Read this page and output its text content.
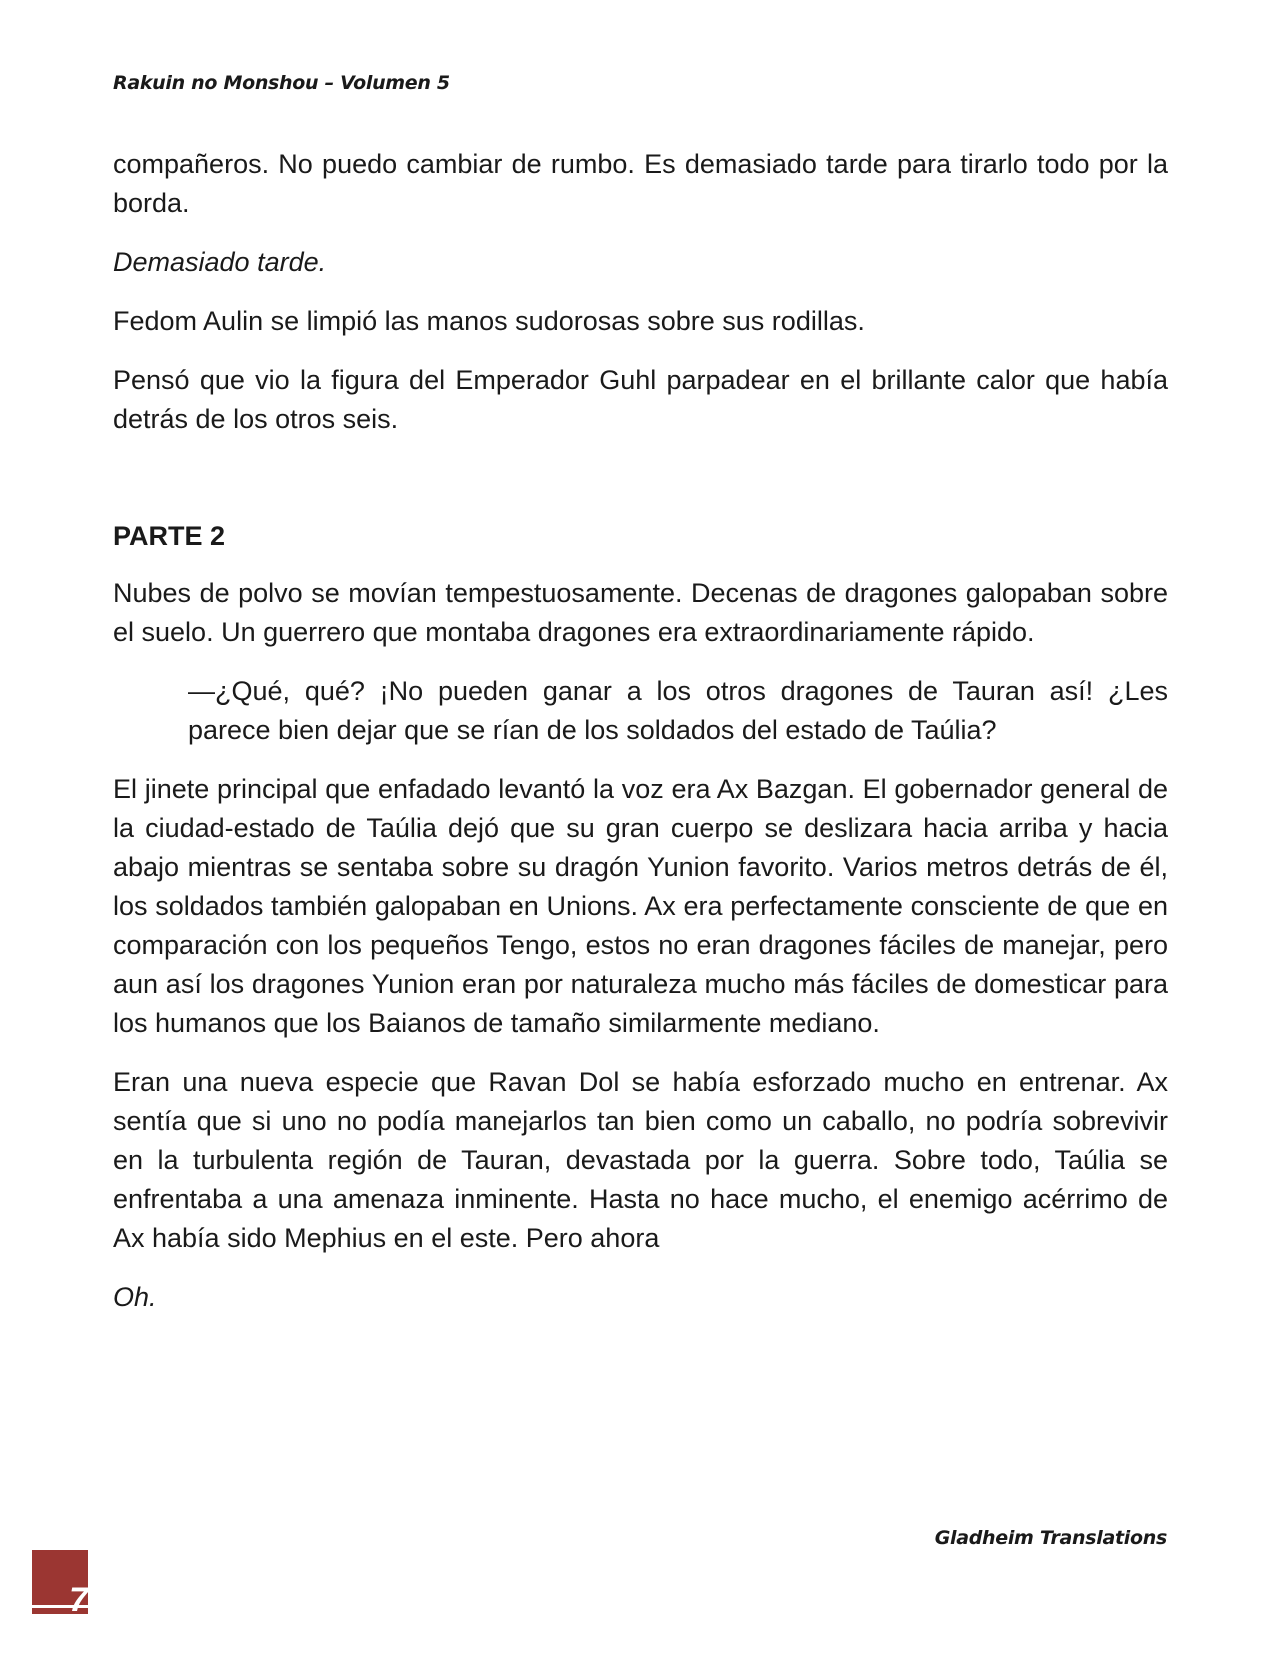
Rakuin no Monshou – Volumen 5

compañeros. No puedo cambiar de rumbo. Es demasiado tarde para tirarlo todo por la borda.

Demasiado tarde.

Fedom Aulin se limpió las manos sudorosas sobre sus rodillas.

Pensó que vio la figura del Emperador Guhl parpadear en el brillante calor que había detrás de los otros seis.

PARTE 2

Nubes de polvo se movían tempestuosamente. Decenas de dragones galopaban sobre el suelo. Un guerrero que montaba dragones era extraordinariamente rápido.

—¿Qué, qué? ¡No pueden ganar a los otros dragones de Tauran así! ¿Les parece bien dejar que se rían de los soldados del estado de Taúlia?

El jinete principal que enfadado levantó la voz era Ax Bazgan. El gobernador general de la ciudad-estado de Taúlia dejó que su gran cuerpo se deslizara hacia arriba y hacia abajo mientras se sentaba sobre su dragón Yunion favorito. Varios metros detrás de él, los soldados también galopaban en Unions. Ax era perfectamente consciente de que en comparación con los pequeños Tengo, estos no eran dragones fáciles de manejar, pero aun así los dragones Yunion eran por naturaleza mucho más fáciles de domesticar para los humanos que los Baianos de tamaño similarmente mediano.

Eran una nueva especie que Ravan Dol se había esforzado mucho en entrenar. Ax sentía que si uno no podía manejarlos tan bien como un caballo, no podría sobrevivir en la turbulenta región de Tauran, devastada por la guerra. Sobre todo, Taúlia se enfrentaba a una amenaza inminente. Hasta no hace mucho, el enemigo acérrimo de Ax había sido Mephius en el este. Pero ahora

Oh.

Gladheim Translations
7
